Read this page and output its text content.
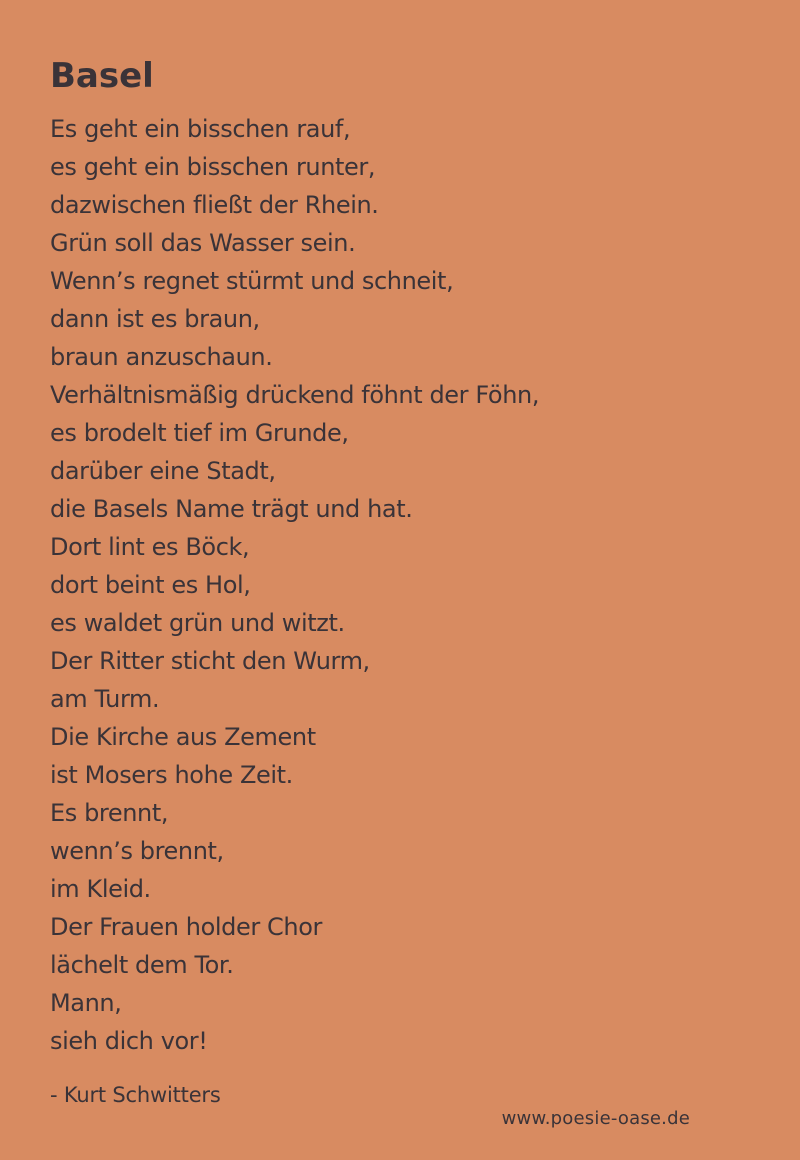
Basel
Es geht ein bisschen rauf,
es geht ein bisschen runter,
dazwischen fließt der Rhein.
Grün soll das Wasser sein.
Wenn’s regnet stürmt und schneit,
dann ist es braun,
braun anzuschaun.
Verhältnismäßig drückend föhnt der Föhn,
es brodelt tief im Grunde,
darüber eine Stadt,
die Basels Name trägt und hat.
Dort lint es Böck,
dort beint es Hol,
es waldet grün und witzt.
Der Ritter sticht den Wurm,
am Turm.
Die Kirche aus Zement
ist Mosers hohe Zeit.
Es brennt,
wenn’s brennt,
im Kleid.
Der Frauen holder Chor
lächelt dem Tor.
Mann,
sieh dich vor!
- Kurt Schwitters
www.poesie-oase.de
